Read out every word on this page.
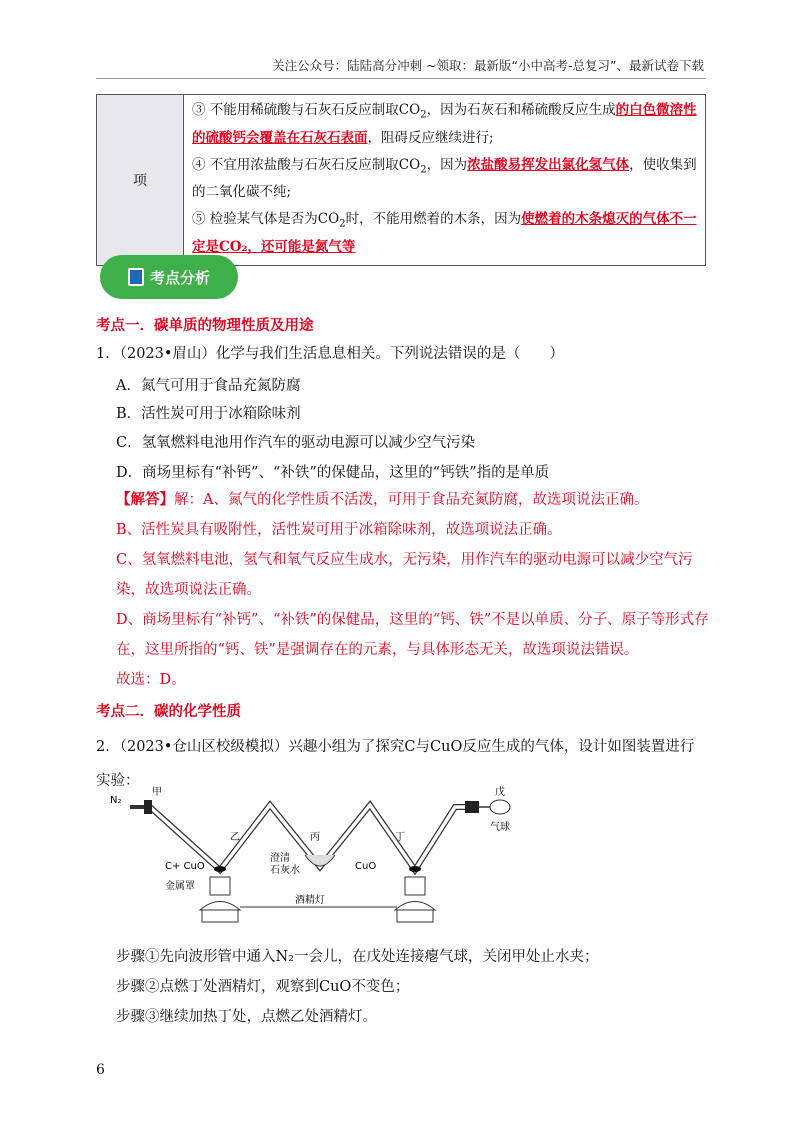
关注公众号：陆陆高分冲刺 ~领取：最新版“小中高考-总复习”、最新试卷下载
项	
③ 不能用稀硫酸与石灰石反应制取$CO_2$，因为石灰石和稀硫酸反应生成的白色微溶性的硫酸钙会覆盖在石灰石表面，阻碍反应继续进行;
④ 不宜用浓盐酸与石灰石反应制取$CO_2$，因为浓盐酸易挥发出氯化氢气体，使收集到的二氧化碳不纯;
⑤ 检验某气体是否为$CO_2$时，不能用燃着的木条，因为使燃着的木条熄灭的气体不一定是CO₂，还可能是氮气等
考点分析
考点一．碳单质的物理性质及用途
1．（2023•眉山）化学与我们生活息息相关。下列说法错误的是（　　）
A．氮气可用于食品充氮防腐
B．活性炭可用于冰箱除味剂
C．氢氧燃料电池用作汽车的驱动电源可以减少空气污染
D．商场里标有“补钙”、“补铁”的保健品，这里的“钙铁”指的是单质
【解答】解：A、氮气的化学性质不活泼，可用于食品充氮防腐，故选项说法正确。
B、活性炭具有吸附性，活性炭可用于冰箱除味剂，故选项说法正确。
C、氢氧燃料电池，氢气和氧气反应生成水，无污染，用作汽车的驱动电源可以减少空气污染，故选项说法正确。
D、商场里标有“补钙”、“补铁”的保健品，这里的“钙、铁”不是以单质、分子、原子等形式存在，这里所指的“钙、铁”是强调存在的元素，与具体形态无关，故选项说法错误。
故选：D。
考点二．碳的化学性质
2．（2023•仓山区校级模拟）兴趣小组为了探究C与CuO反应生成的气体，设计如图装置进行实验：
N₂
甲	戊
气球
乙	丙	丁
C+ CuO
澄清
石灰水	CuO
金属罩
酒精灯
步骤①先向波形管中通入N₂一会儿，在戊处连接瘪气球，关闭甲处止水夹；
步骤②点燃丁处酒精灯，观察到CuO不变色；
步骤③继续加热丁处，点燃乙处酒精灯。
6
